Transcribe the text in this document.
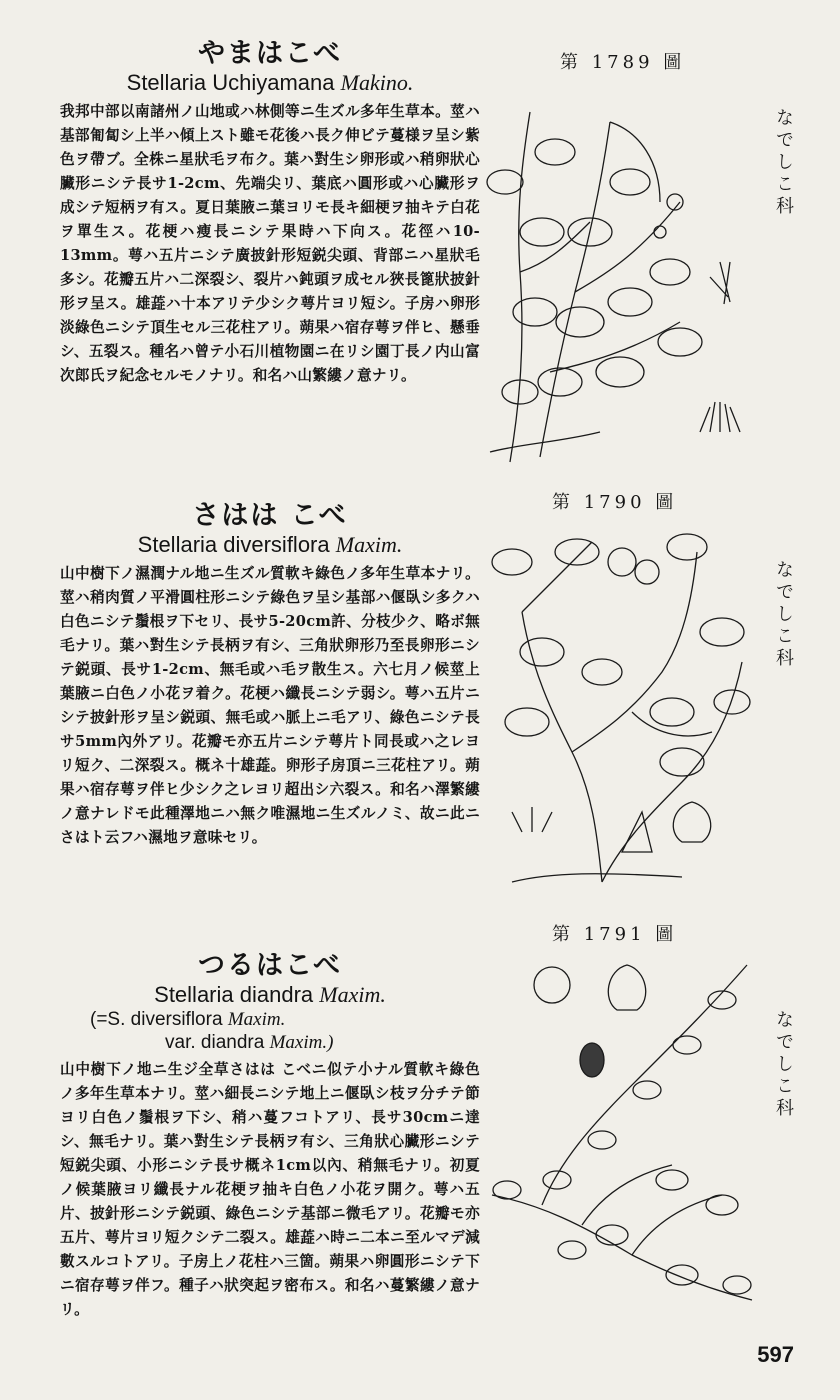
やまはこべ
Stellaria Uchiyamana Makino.
我邦中部以南諸州ノ山地或ハ林側等ニ生ズル多年生草本。莖ハ基部匍匐シ上半ハ傾上スト雖モ花後ハ長ク伸ビテ蔓様ヲ呈シ紫色ヲ帶ブ。全株ニ星狀毛ヲ布ク。葉ハ對生シ卵形或ハ稍卵狀心臟形ニシテ長サ1-2cm、先端尖リ、葉底ハ圓形或ハ心臟形ヲ成シテ短柄ヲ有ス。夏日葉腋ニ葉ヨリモ長キ細梗ヲ抽キテ白花ヲ單生ス。花梗ハ瘦長ニシテ果時ハ下向ス。花徑ハ10-13mm。萼ハ五片ニシテ廣披針形短鋭尖頭、背部ニハ星狀毛多シ。花瓣五片ハ二深裂シ、裂片ハ鈍頭ヲ成セル狹長篦狀披針形ヲ呈ス。雄蕋ハ十本アリテ少シク萼片ヨリ短シ。子房ハ卵形淡綠色ニシテ頂生セル三花柱アリ。蒴果ハ宿存萼ヲ伴ヒ、懸垂シ、五裂ス。種名ハ曾テ小石川植物園ニ在リシ園丁長ノ内山富次郎氏ヲ紀念セルモノナリ。和名ハ山繁縷ノ意ナリ。
第 1789 圖
なでしこ科
さはは こべ
Stellaria diversiflora Maxim.
山中樹下ノ濕潤ナル地ニ生ズル質軟キ綠色ノ多年生草本ナリ。莖ハ稍肉質ノ平滑圓柱形ニシテ綠色ヲ呈シ基部ハ偃臥シ多クハ白色ニシテ鬚根ヲ下セリ、長サ5-20cm許、分枝少ク、略ボ無毛ナリ。葉ハ對生シテ長柄ヲ有シ、三角狀卵形乃至長卵形ニシテ鋭頭、長サ1-2cm、無毛或ハ毛ヲ散生ス。六七月ノ候莖上葉腋ニ白色ノ小花ヲ着ク。花梗ハ纖長ニシテ弱シ。萼ハ五片ニシテ披針形ヲ呈シ鋭頭、無毛或ハ脈上ニ毛アリ、綠色ニシテ長サ5mm內外アリ。花瓣モ亦五片ニシテ萼片ト同長或ハ之レヨリ短ク、二深裂ス。概ネ十雄蕋。卵形子房頂ニ三花柱アリ。蒴果ハ宿存萼ヲ伴ヒ少シク之レヨリ超出シ六裂ス。和名ハ澤繁縷ノ意ナレドモ此種澤地ニハ無ク唯濕地ニ生ズルノミ、故ニ此ニさはト云フハ濕地ヲ意味セリ。
第 1790 圖
なでしこ科
つるはこべ
Stellaria diandra Maxim.
(=S. diversiflora Maxim.
var. diandra Maxim.)
山中樹下ノ地ニ生ジ全草さはは こべニ似テ小ナル質軟キ綠色ノ多年生草本ナリ。莖ハ細長ニシテ地上ニ偃臥シ枝ヲ分チテ節ヨリ白色ノ鬚根ヲ下シ、稍ハ蔓フコトアリ、長サ30cmニ達シ、無毛ナリ。葉ハ對生シテ長柄ヲ有シ、三角狀心臟形ニシテ短鋭尖頭、小形ニシテ長サ概ネ1cm以內、稍無毛ナリ。初夏ノ候葉腋ヨリ纖長ナル花梗ヲ抽キ白色ノ小花ヲ開ク。萼ハ五片、披針形ニシテ鋭頭、綠色ニシテ基部ニ微毛アリ。花瓣モ亦五片、萼片ヨリ短クシテ二裂ス。雄蕋ハ時ニ二本ニ至ルマデ減數スルコトアリ。子房上ノ花柱ハ三箇。蒴果ハ卵圓形ニシテ下ニ宿存萼ヲ伴フ。種子ハ狀突起ヲ密布ス。和名ハ蔓繁縷ノ意ナリ。
第 1791 圖
なでしこ科
597
